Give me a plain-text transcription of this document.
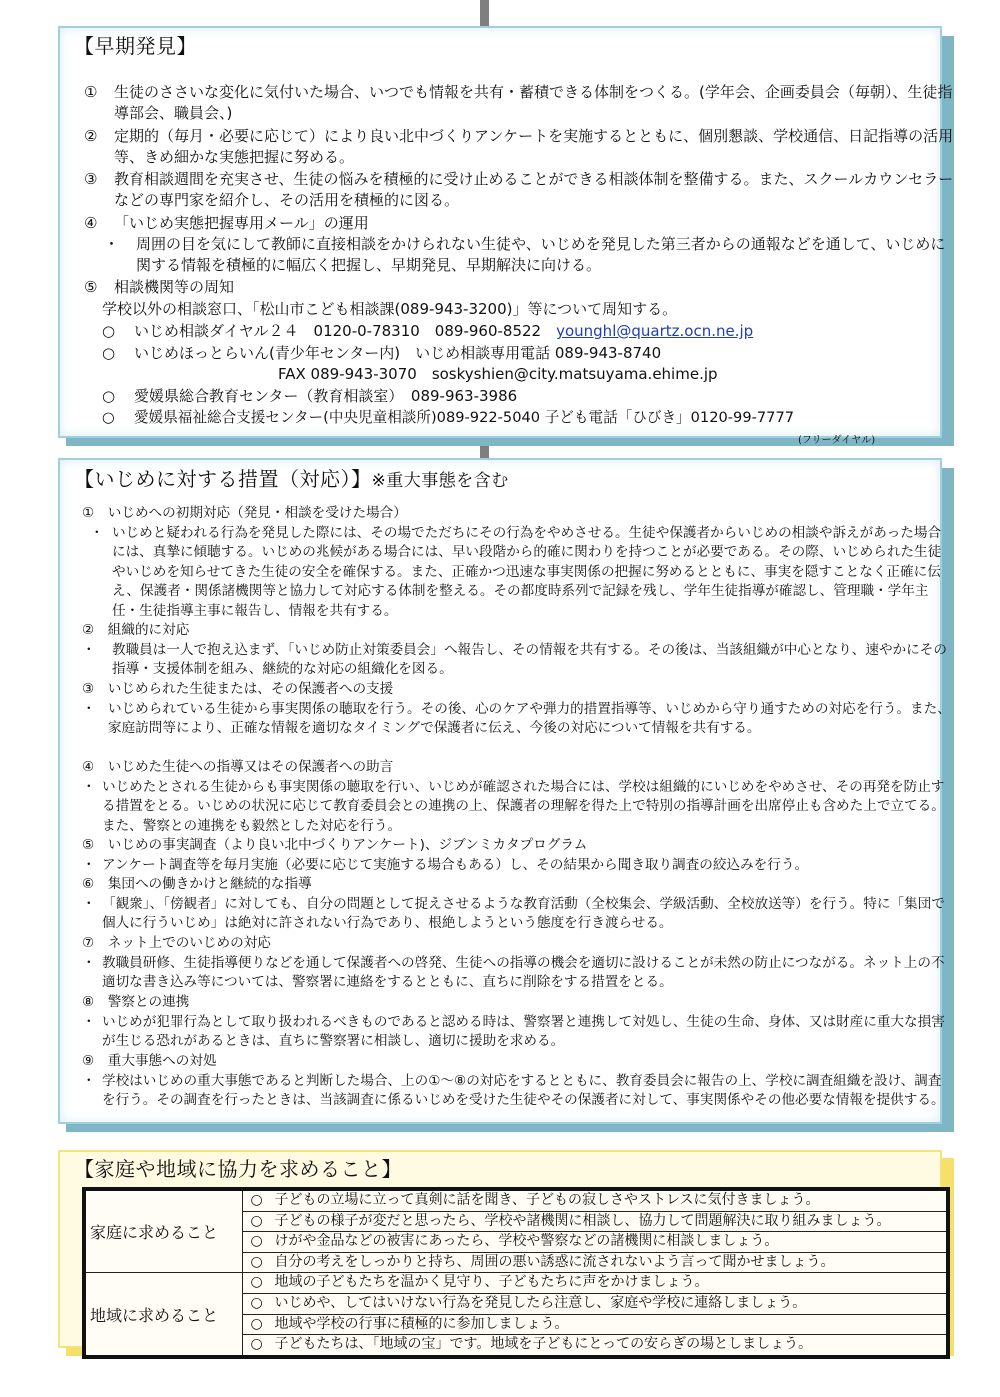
【早期発見】
① 生徒のささいな変化に気付いた場合、いつでも情報を共有・蓄積できる体制をつくる。(学年会、企画委員会（毎朝）、生徒指導部会、職員会、)
② 定期的（毎月・必要に応じて）により良い北中づくりアンケートを実施するとともに、個別懇談、学校通信、日記指導の活用等、きめ細かな実態把握に努める。
③ 教育相談週間を充実させ、生徒の悩みを積極的に受け止めることができる相談体制を整備する。また、スクールカウンセラーなどの専門家を紹介し、その活用を積極的に図る。
④ 「いじめ実態把握専用メール」の運用
・ 周囲の目を気にして教師に直接相談をかけられない生徒や、いじめを発見した第三者からの通報などを通して、いじめに関する情報を積極的に幅広く把握し、早期発見、早期解決に向ける。
⑤ 相談機関等の周知
学校以外の相談窓口、「松山市こども相談課(089-943-3200)」等について周知する。
○ いじめ相談ダイヤル２４　0120-0-78310　089-960-8522　 younghl@quartz.ocn.ne.jp
○ いじめほっとらいん(青少年センター内)　いじめ相談専用電話 089-943-8740
FAX 089-943-3070　soskyshien@city.matsuyama.ehime.jp
○ 愛媛県総合教育センター（教育相談室）　089-963-3986
○ 愛媛県福祉総合支援センター(中央児童相談所)089-922-5040 子ども電話「ひびき」0120-99-7777
(フリーダイヤル)
【いじめに対する措置（対応）】※重大事態を含む
①　 いじめへの初期対応（発見・相談を受けた場合）
・ いじめと疑われる行為を発見した際には、その場でただちにその行為をやめさせる。生徒や保護者からいじめの相談や訴えがあった場合には、真摯に傾聴する。いじめの兆候がある場合には、早い段階から的確に関わりを持つことが必要である。その際、いじめられた生徒やいじめを知らせてきた生徒の安全を確保する。また、正確かつ迅速な事実関係の把握に努めるとともに、事実を隠すことなく正確に伝え、保護者・関係諸機関等と協力して対応する体制を整える。その都度時系列で記録を残し、学年生徒指導が確認し、管理職・学年主任・生徒指導主事に報告し、情報を共有する。
②　 組織的に対応
・ 教職員は一人で抱え込まず、「いじめ防止対策委員会」へ報告し、その情報を共有する。その後は、当該組織が中心となり、速やかにその指導・支援体制を組み、継続的な対応の組織化を図る。
③　 いじめられた生徒または、その保護者への支援
・ いじめられている生徒から事実関係の聴取を行う。その後、心のケアや弾力的措置指導等、いじめから守り通すための対応を行う。また、家庭訪問等により、正確な情報を適切なタイミングで保護者に伝え、今後の対応について情報を共有する。
④　 いじめた生徒への指導又はその保護者への助言
・ いじめたとされる生徒からも事実関係の聴取を行い、いじめが確認された場合には、学校は組織的にいじめをやめさせ、その再発を防止する措置をとる。いじめの状況に応じて教育委員会との連携の上、保護者の理解を得た上で特別の指導計画を出席停止も含めた上で立てる。また、警察との連携をも毅然とした対応を行う。
⑤　 いじめの事実調査（より良い北中づくりアンケート)、ジブンミカタプログラム
・ アンケート調査等を毎月実施（必要に応じて実施する場合もある）し、その結果から聞き取り調査の絞込みを行う。
⑥　 集団への働きかけと継続的な指導
・ 「観衆」、「傍観者」に対しても、自分の問題として捉えさせるような教育活動（全校集会、学級活動、全校放送等）を行う。特に「集団で個人に行ういじめ」は絶対に許されない行為であり、根絶しようという態度を行き渡らせる。
⑦　 ネット上でのいじめの対応
・ 教職員研修、生徒指導便りなどを通して保護者への啓発、生徒への指導の機会を適切に設けることが未然の防止につながる。ネット上の不適切な書き込み等については、警察署に連絡をするとともに、直ちに削除をする措置をとる。
⑧　 警察との連携
・ いじめが犯罪行為として取り扱われるべきものであると認める時は、警察署と連携して対処し、生徒の生命、身体、又は財産に重大な損害が生じる恐れがあるときは、直ちに警察署に相談し、適切に援助を求める。
⑨　 重大事態への対処
・ 学校はいじめの重大事態であると判断した場合、上の①〜⑧の対応をするとともに、教育委員会に報告の上、学校に調査組織を設け、調査を行う。その調査を行ったときは、当該調査に係るいじめを受けた生徒やその保護者に対して、事実関係やその他必要な情報を提供する。
【家庭や地域に協力を求めること】
家庭に求めること	○ 子どもの立場に立って真剣に話を聞き、子どもの寂しさやストレスに気付きましょう。
	○ 子どもの様子が変だと思ったら、学校や諸機関に相談し、協力して問題解決に取り組みましょう。
	○ けがや金品などの被害にあったら、学校や警察などの諸機関に相談しましょう。
	○ 自分の考えをしっかりと持ち、周囲の悪い誘惑に流されないよう言って聞かせましょう。
地域に求めること	○ 地域の子どもたちを温かく見守り、子どもたちに声をかけましょう。
	○ いじめや、してはいけない行為を発見したら注意し、家庭や学校に連絡しましょう。
	○ 地域や学校の行事に積極的に参加しましょう。
	○ 子どもたちは、「地域の宝」です。地域を子どもにとっての安らぎの場としましょう。
